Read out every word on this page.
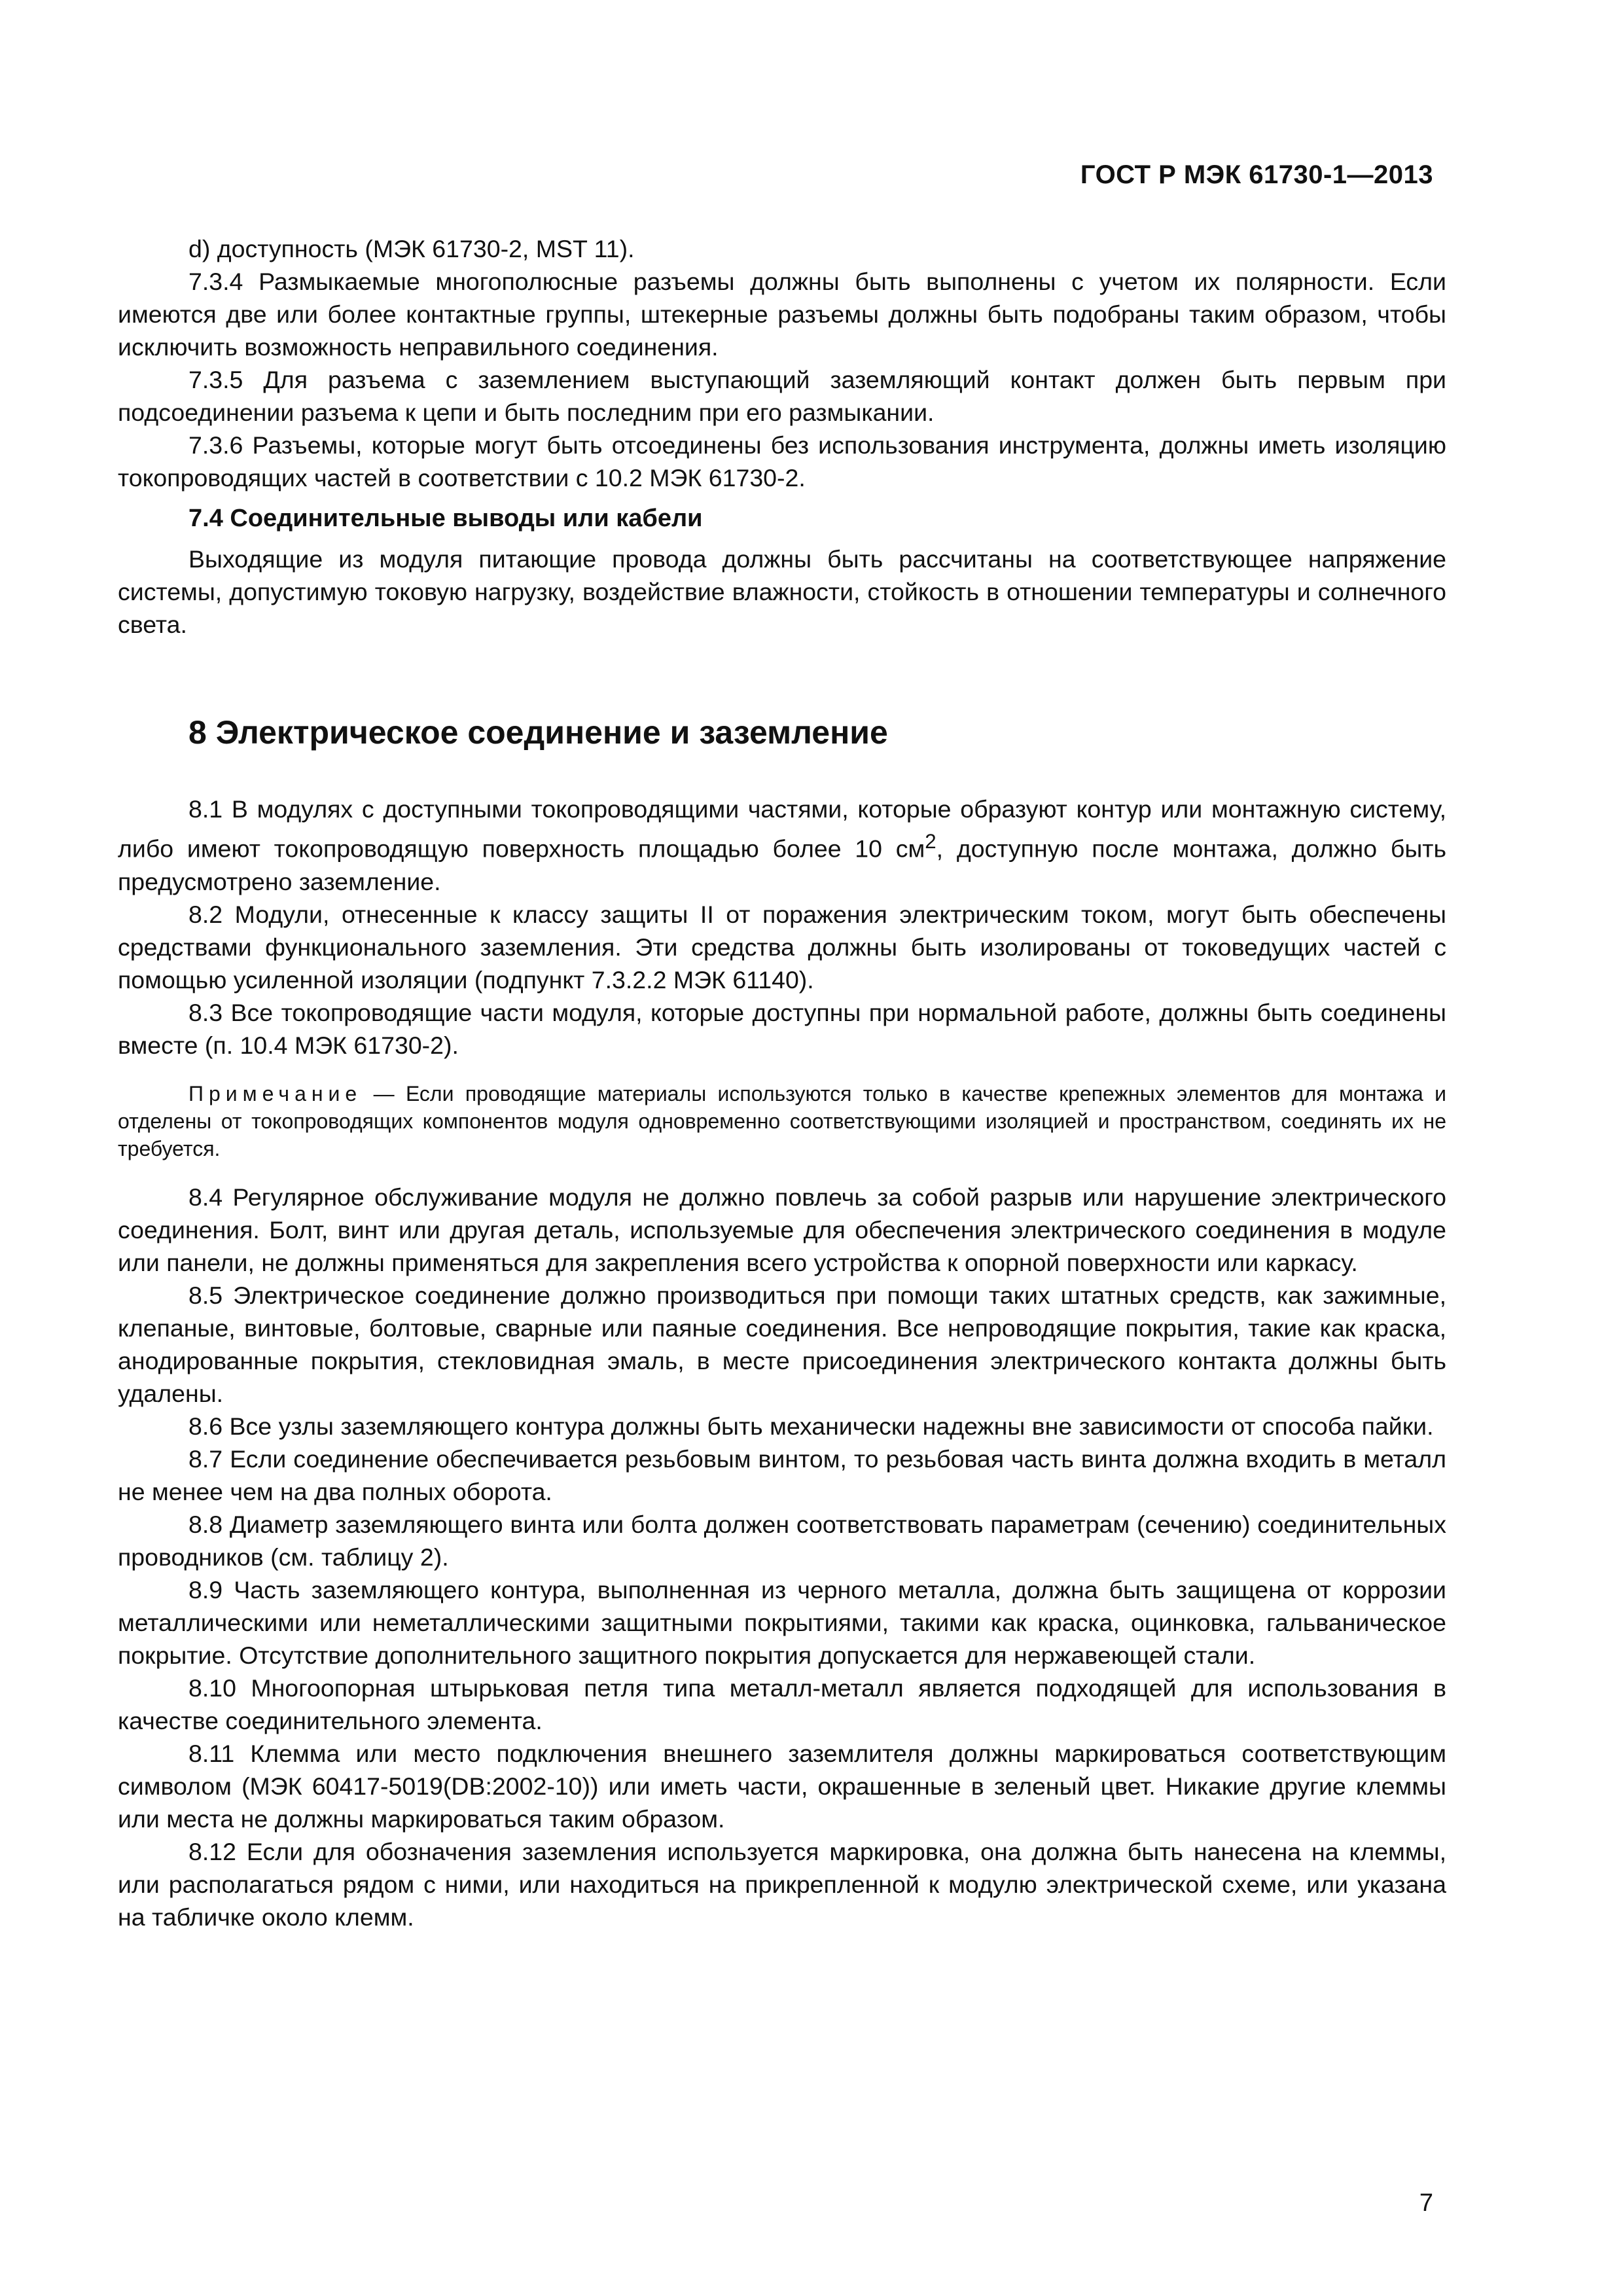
ГОСТ Р МЭК 61730-1—2013

d) доступность (МЭК 61730-2, MST 11).

7.3.4 Размыкаемые многополюсные разъемы должны быть выполнены с учетом их полярности. Если имеются две или более контактные группы, штекерные разъемы должны быть подобраны таким образом, чтобы исключить возможность неправильного соединения.

7.3.5 Для разъема с заземлением выступающий заземляющий контакт должен быть первым при подсоединении разъема к цепи и быть последним при его размыкании.

7.3.6 Разъемы, которые могут быть отсоединены без использования инструмента, должны иметь изоляцию токопроводящих частей в соответствии с 10.2 МЭК 61730-2.

7.4 Соединительные выводы или кабели

Выходящие из модуля питающие провода должны быть рассчитаны на соответствующее напряжение системы, допустимую токовую нагрузку, воздействие влажности, стойкость в отношении температуры и солнечного света.

8 Электрическое соединение и заземление

8.1 В модулях с доступными токопроводящими частями, которые образуют контур или монтажную систему, либо имеют токопроводящую поверхность площадью более 10 $см^2$, доступную после монтажа, должно быть предусмотрено заземление.

8.2 Модули, отнесенные к классу защиты II от поражения электрическим током, могут быть обеспечены средствами функционального заземления. Эти средства должны быть изолированы от токоведущих частей с помощью усиленной изоляции (подпункт 7.3.2.2 МЭК 61140).

8.3 Все токопроводящие части модуля, которые доступны при нормальной работе, должны быть соединены вместе (п. 10.4 МЭК 61730-2).

Примечание — Если проводящие материалы используются только в качестве крепежных элементов для монтажа и отделены от токопроводящих компонентов модуля одновременно соответствующими изоляцией и пространством, соединять их не требуется.

8.4 Регулярное обслуживание модуля не должно повлечь за собой разрыв или нарушение электрического соединения. Болт, винт или другая деталь, используемые для обеспечения электрического соединения в модуле или панели, не должны применяться для закрепления всего устройства к опорной поверхности или каркасу.

8.5 Электрическое соединение должно производиться при помощи таких штатных средств, как зажимные, клепаные, винтовые, болтовые, сварные или паяные соединения. Все непроводящие покрытия, такие как краска, анодированные покрытия, стекловидная эмаль, в месте присоединения электрического контакта должны быть удалены.

8.6 Все узлы заземляющего контура должны быть механически надежны вне зависимости от способа пайки.

8.7 Если соединение обеспечивается резьбовым винтом, то резьбовая часть винта должна входить в металл не менее чем на два полных оборота.

8.8 Диаметр заземляющего винта или болта должен соответствовать параметрам (сечению) соединительных проводников (см. таблицу 2).

8.9 Часть заземляющего контура, выполненная из черного металла, должна быть защищена от коррозии металлическими или неметаллическими защитными покрытиями, такими как краска, оцинковка, гальваническое покрытие. Отсутствие дополнительного защитного покрытия допускается для нержавеющей стали.

8.10 Многоопорная штырьковая петля типа металл-металл является подходящей для использования в качестве соединительного элемента.

8.11 Клемма или место подключения внешнего заземлителя должны маркироваться соответствующим символом (МЭК 60417-5019(DB:2002-10)) или иметь части, окрашенные в зеленый цвет. Никакие другие клеммы или места не должны маркироваться таким образом.

8.12 Если для обозначения заземления используется маркировка, она должна быть нанесена на клеммы, или располагаться рядом с ними, или находиться на прикрепленной к модулю электрической схеме, или указана на табличке около клемм.

7
